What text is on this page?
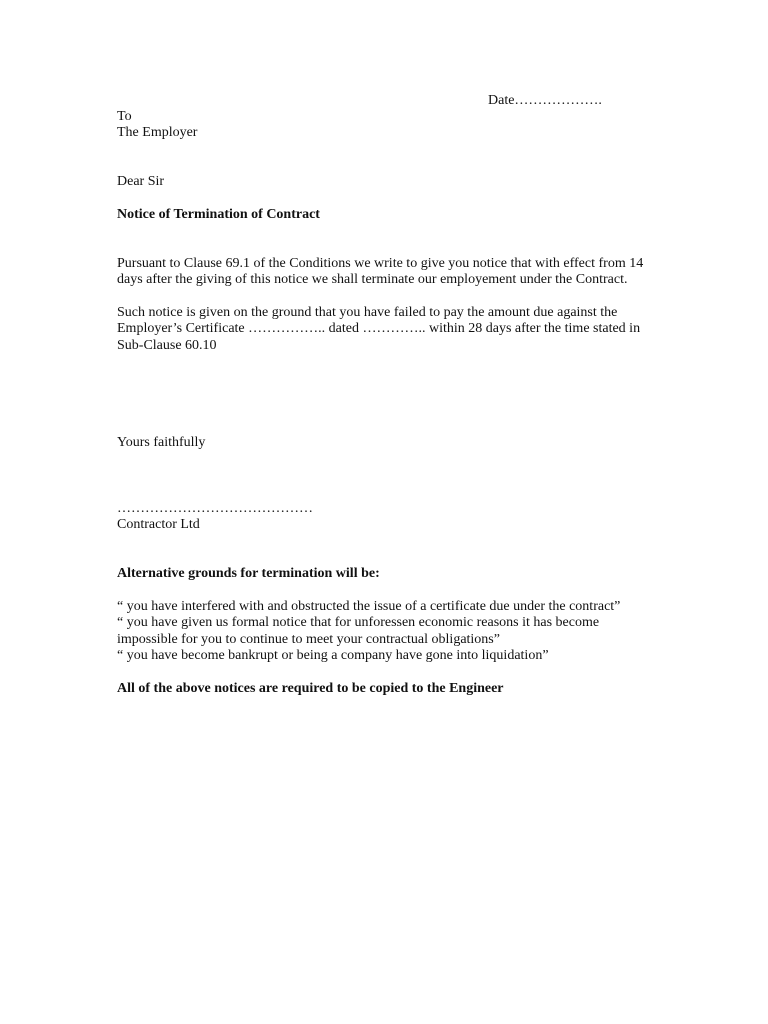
Date……………….

To

The Employer

Dear Sir

Notice of Termination of Contract

Pursuant to Clause 69.1 of the Conditions we write to give you notice that with effect from 14

days after the giving of this notice we shall terminate our employement under the Contract.

Such notice is given on the ground that you have failed to pay the amount due against the

Employer’s Certificate …………….. dated ………….. within 28 days after the time stated in

Sub-Clause 60.10

Yours faithfully

……………………………………

Contractor Ltd

Alternative grounds for termination will be:

“ you have interfered with and obstructed the issue of a certificate due under the contract”

“ you have given us formal notice that for unforessen economic reasons it has become

impossible for you to continue to meet your contractual obligations”

“ you have become bankrupt or being a company have gone into liquidation”

All of the above notices are required to be copied to the Engineer
